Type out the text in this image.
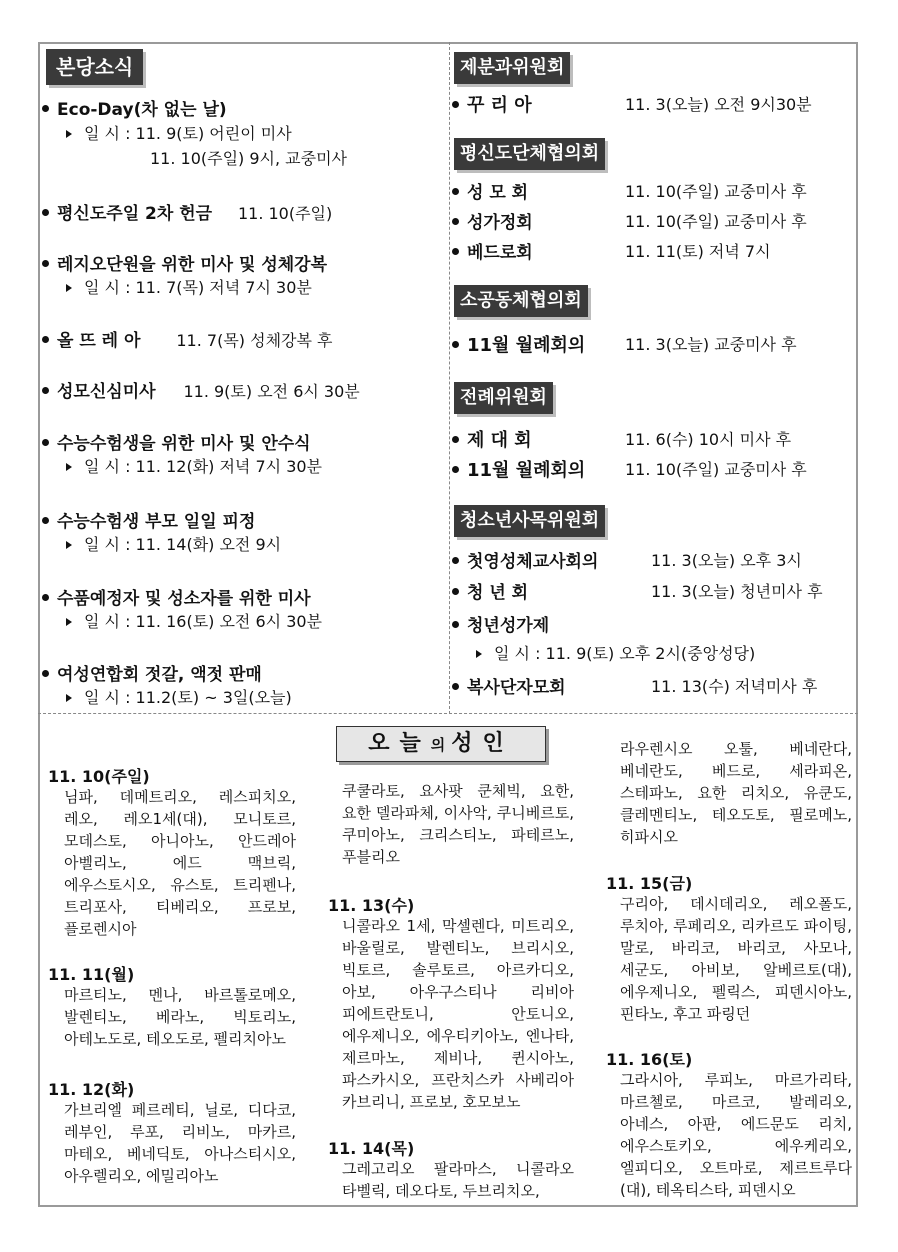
본당소식
Eco-Day(차 없는 날)
일 시 : 11. 9(토) 어린이 미사
11. 10(주일) 9시, 교중미사
평신도주일 2차 헌금 11. 10(주일)
레지오단원을 위한 미사 및 성체강복
일 시 : 11. 7(목) 저녁 7시 30분
올 뜨 레 아 11. 7(목) 성체강복 후
성모신심미사 11. 9(토) 오전 6시 30분
수능수험생을 위한 미사 및 안수식
일 시 : 11. 12(화) 저녁 7시 30분
수능수험생 부모 일일 피정
일 시 : 11. 14(화) 오전 9시
수품예정자 및 성소자를 위한 미사
일 시 : 11. 16(토) 오전 6시 30분
여성연합회 젓갈, 액젓 판매
일 시 : 11.2(토) ~ 3일(오늘)
제분과위원회
꾸 리 아	11. 3(오늘) 오전 9시30분
평신도단체협의회
성 모 회	11. 10(주일) 교중미사 후
성가정회	11. 10(주일) 교중미사 후
베드로회	11. 11(토) 저녁 7시
소공동체협의회
11월 월례회의 11. 3(오늘) 교중미사 후
전례위원회
제 대 회	11. 6(수) 10시 미사 후
11월 월례회의 11. 10(주일) 교중미사 후
청소년사목위원회
첫영성체교사회의	11. 3(오늘) 오후 3시
청 년 회	11. 3(오늘) 청년미사 후
청년성가제
일 시 : 11. 9(토) 오후 2시(중앙성당)
복사단자모회	11. 13(수) 저녁미사 후
오늘의성인
11. 10(주일)
님파, 데메트리오, 레스피치오, 레오, 레오1세(대), 모니토르, 모데스토, 아니아노, 안드레아 아벨리노, 에드 맥브릭, 에우스토시오, 유스토, 트리펜나, 트리포사, 티베리오, 프로보, 플로렌시아
11. 11(월)
마르티노, 멘나, 바르톨로메오, 발렌티노, 베라노, 빅토리노, 아테노도로, 테오도로, 펠리치아노
11. 12(화)
가브리엘 페르레티, 닐로, 디다코, 레부인, 루포, 리비노, 마카르, 마테오, 베네딕토, 아나스티시오, 아우렐리오, 에밀리아노
쿠쿨라토, 요사팟 쿤체빅, 요한, 요한 델라파체, 이사악, 쿠니베르토, 쿠미아노, 크리스티노, 파테르노, 푸블리오
11. 13(수)
니콜라오 1세, 막셀렌다, 미트리오, 바울릴로, 발렌티노, 브리시오, 빅토르, 솔루토르, 아르카디오, 아보, 아우구스티나 리비아 피에트란토니, 안토니오, 에우제니오, 에우티키아노, 엔나타, 제르마노, 제비나, 퀸시아노, 파스카시오, 프란치스카 사베리아 카브리니, 프로보, 호모보노
11. 14(목)
그레고리오 팔라마스, 니콜라오 타벨릭, 데오다토, 두브리치오,
라우렌시오 오툴, 베네란다, 베네란도, 베드로, 세라피온, 스테파노, 요한 리치오, 유쿤도, 클레멘티노, 테오도토, 필로메노, 히파시오
11. 15(금)
구리아, 데시데리오, 레오폴도, 루치아, 루페리오, 리카르도 파이팅, 말로, 바리코, 바리코, 사모나, 세군도, 아비보, 알베르토(대), 에우제니오, 펠릭스, 피덴시아노, 핀타노, 후고 파링던
11. 16(토)
그라시아, 루피노, 마르가리타, 마르첼로, 마르코, 발레리오, 아네스, 아판, 에드문도 리치, 에우스토키오, 에우케리오, 엘피디오, 오트마로, 제르트루다(대), 테옥티스타, 피덴시오
